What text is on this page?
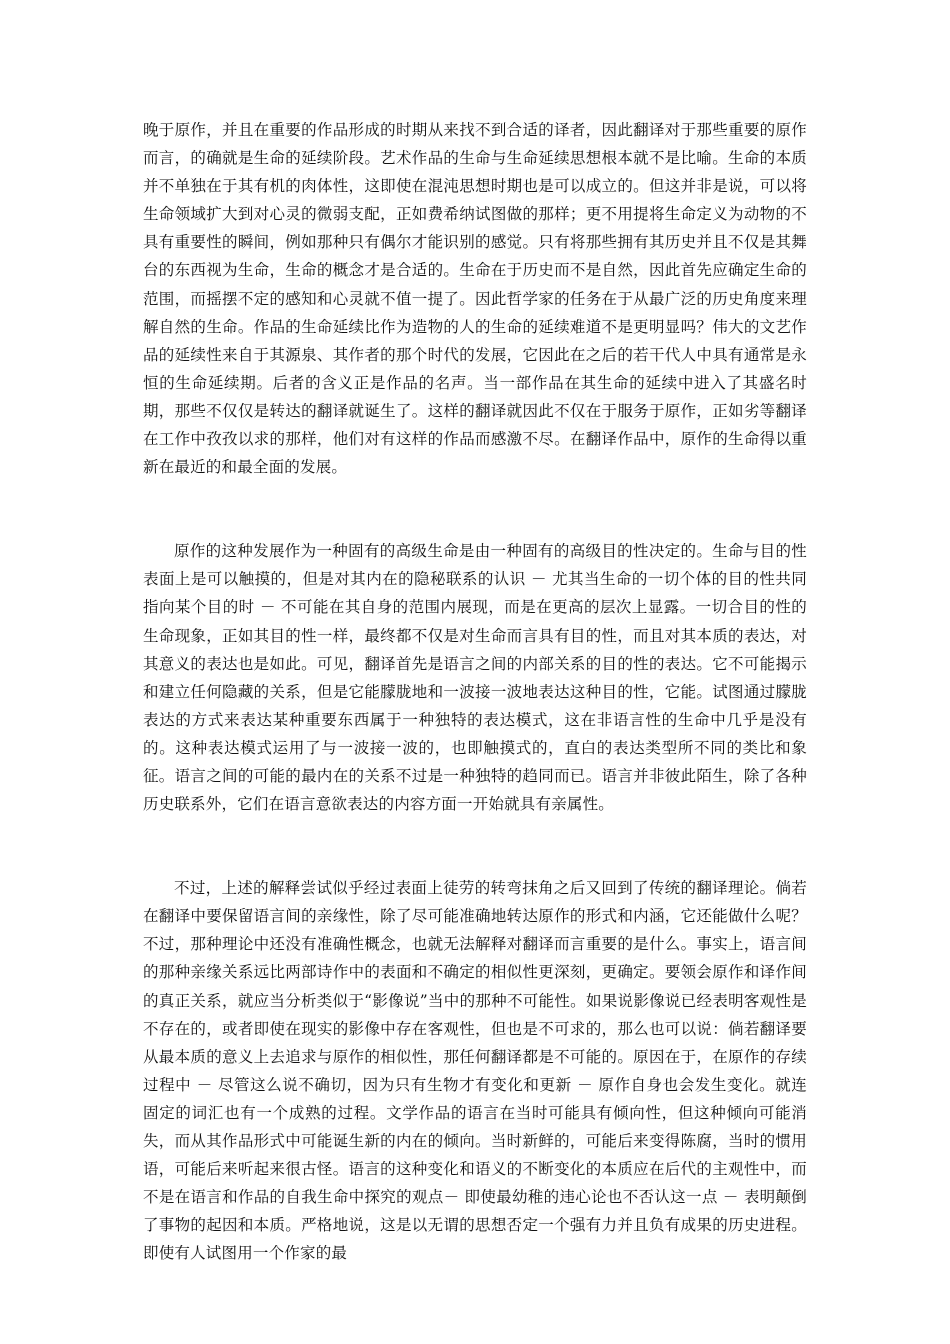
晚于原作，并且在重要的作品形成的时期从来找不到合适的译者，因此翻译对于那些重要的原作而言，的确就是生命的延续阶段。艺术作品的生命与生命延续思想根本就不是比喻。生命的本质并不单独在于其有机的肉体性，这即使在混沌思想时期也是可以成立的。但这并非是说，可以将生命领域扩大到对心灵的微弱支配，正如费希纳试图做的那样；更不用提将生命定义为动物的不具有重要性的瞬间，例如那种只有偶尔才能识别的感觉。只有将那些拥有其历史并且不仅是其舞台的东西视为生命，生命的概念才是合适的。生命在于历史而不是自然，因此首先应确定生命的范围，而摇摆不定的感知和心灵就不值一提了。因此哲学家的任务在于从最广泛的历史角度来理解自然的生命。作品的生命延续比作为造物的人的生命的延续难道不是更明显吗？伟大的文艺作品的延续性来自于其源泉、其作者的那个时代的发展，它因此在之后的若干代人中具有通常是永恒的生命延续期。后者的含义正是作品的名声。当一部作品在其生命的延续中进入了其盛名时期，那些不仅仅是转达的翻译就诞生了。这样的翻译就因此不仅在于服务于原作，正如劣等翻译在工作中孜孜以求的那样，他们对有这样的作品而感激不尽。在翻译作品中，原作的生命得以重新在最近的和最全面的发展。

原作的这种发展作为一种固有的高级生命是由一种固有的高级目的性决定的。生命与目的性表面上是可以触摸的，但是对其内在的隐秘联系的认识 － 尤其当生命的一切个体的目的性共同指向某个目的时 － 不可能在其自身的范围内展现，而是在更高的层次上显露。一切合目的性的生命现象，正如其目的性一样，最终都不仅是对生命而言具有目的性，而且对其本质的表达，对其意义的表达也是如此。可见，翻译首先是语言之间的内部关系的目的性的表达。它不可能揭示和建立任何隐藏的关系，但是它能朦胧地和一波接一波地表达这种目的性，它能。试图通过朦胧表达的方式来表达某种重要东西属于一种独特的表达模式，这在非语言性的生命中几乎是没有的。这种表达模式运用了与一波接一波的，也即触摸式的，直白的表达类型所不同的类比和象征。语言之间的可能的最内在的关系不过是一种独特的趋同而已。语言并非彼此陌生，除了各种历史联系外，它们在语言意欲表达的内容方面一开始就具有亲属性。

不过，上述的解释尝试似乎经过表面上徒劳的转弯抹角之后又回到了传统的翻译理论。倘若在翻译中要保留语言间的亲缘性，除了尽可能准确地转达原作的形式和内涵，它还能做什么呢？不过，那种理论中还没有准确性概念，也就无法解释对翻译而言重要的是什么。事实上，语言间的那种亲缘关系远比两部诗作中的表面和不确定的相似性更深刻，更确定。要领会原作和译作间的真正关系，就应当分析类似于“影像说”当中的那种不可能性。如果说影像说已经表明客观性是不存在的，或者即使在现实的影像中存在客观性，但也是不可求的，那么也可以说：倘若翻译要从最本质的意义上去追求与原作的相似性，那任何翻译都是不可能的。原因在于，在原作的存续过程中 － 尽管这么说不确切，因为只有生物才有变化和更新 － 原作自身也会发生变化。就连固定的词汇也有一个成熟的过程。文学作品的语言在当时可能具有倾向性，但这种倾向可能消失，而从其作品形式中可能诞生新的内在的倾向。当时新鲜的，可能后来变得陈腐，当时的惯用语，可能后来听起来很古怪。语言的这种变化和语义的不断变化的本质应在后代的主观性中，而不是在语言和作品的自我生命中探究的观点－ 即使最幼稚的违心论也不否认这一点 － 表明颠倒了事物的起因和本质。严格地说，这是以无谓的思想否定一个强有力并且负有成果的历史进程。 即使有人试图用一个作家的最
